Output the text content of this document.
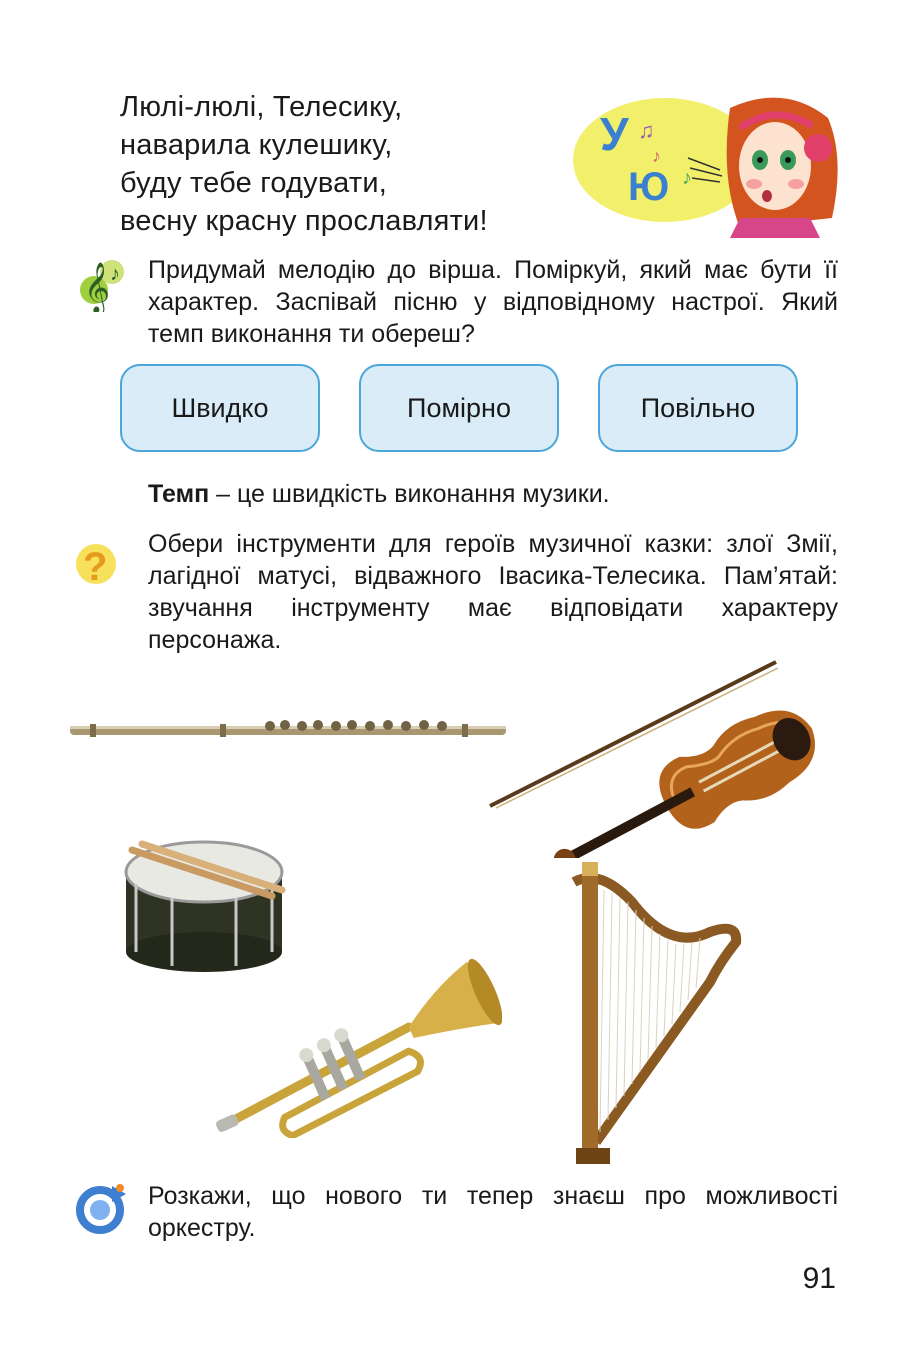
Люлі-люлі, Телесику,
наварила кулешику,
буду тебе годувати,
весну красну прославляти!
У
Ю
♫
♪
♪
𝄞 ♪ Придумай мелодію до вірша. Поміркуй, який має бути її характер. Заспівай пісню у відповідному настрої. Який темп виконання ти обереш?
Швидко	Помірно	Повільно
Темп – це швидкість виконання музики.
?
Обери інструменти для героїв музичної казки: злої Змії, лагідної матусі, відважного Івасика-Телесика. Пам’ятай: звучання інструменту має відповідати характеру персонажа.
Розкажи, що нового ти тепер знаєш про можливості оркестру.
91
